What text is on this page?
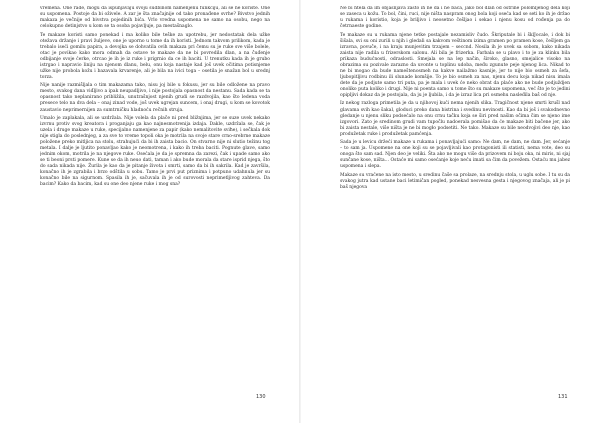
vremena. One rade, mogu da ispunjavaju svoju sudbinom namenjenu funkciju, ali se ne koriste. One su uspomena. Postoje da bi oživele. A zar je šta značajnije od tako pronađene svrhe? Bivstvo jednih makaza je večnije od bivstva pojedinih bića. Vrlo vredna uspomena ne samo na osobu, nego na celokupno detinjstvo u kom se ta osoba pojavljuje, pa mestašnaglo.

Te makaze koristi samo ponekad i ma koliko bile teške za upotrebu, jer nedostatak dela užke otežava držanje i pravi žuljeve, one je uporno u tome da ih koristi. Jednom takvom prilikom, kada je trebalo iseći gomilu papira, a devojka se dohvatila ovih makaza pri čemu su je ruke sve više bolele, otac je povikao kako mora odmah da ostave te makaze da ne bi povredila dlan, a na čuđenje odbijanje svoje ćerke, otrcao je ih je iz ruke i prigrnio da ce ih baciti. U trenutku kada ih je grubo istrgao i napravio liniju na njenom dlanu, belu, onu koja nastaje kad još uvek očitima potisnjeme užke nije probola kožu i bazavala krvarenje, ali je bila na ivici toga – osetila je snažan bol u srednj torza.

Nije nanije razmišljala o tim makazama tako, nisu joj bile u fokusu, jer su bile odložene na pravo mesto, svakog dana viđljivo a ipak neupadljivo, i nije postojala opasnost da nestanu. Sada kada se ta opasnost tako neplanirano približila, unutrašnjost njenih grudi se razdvojila, kao što ledena voda presece telo na dva dela – onaj zinad vode, još uvek ugrejan suncem, i onaj drugi, u kom se kovotok zaustavio neprimernijen za sumtrničku hladnoću rečnih struja.

Umalo je zaplakala, ali se uzdržala. Nije volela da plače ni pred bližnjima, jer se suze uvek nekako izvrnu protiv svog kreatora i proganjaju ga kao najnesmotrenija izdaja. Dakle, uzdržala se, čak je uzela i druge makaze u ruke, specijalno namenjene za papir (kako nemalitovite sviħe), i sečkala dok nije stigla do poslednjeg, a za sve to vreme topoli oka je motrila na svoje stare crno-srebrne makaze položene preko mitljica na stolu, strahujući da bi ih zaista bacio. On stvarno nije ni slutio težinu tog metala. I dalje je ljutito ponavljao kako je neomotrena, i kako ih treba baciti. Pognute glave, samo jednim okom, motrila je na njegove ruke. Osećala je da je spremna da zarezi, čak i upade samo ako se ti beoni prsti pomere. Kune se da ih neuo dati, taman i ako bude morala da stare isprid njega, što do sada nikada nije. Žurila je kao da je pitanje života i smrti, samo da bi ih sakrila. Kad je završila, konačno ih je zgrabila i brzo odštila u sobu. Tamo je prvi put priznima i potpuno udahnula jer su konačno bile na sigurnom. Spasila ih je, sačuvala ih je od surovosti neprimetljivog zahteva. Da bacim? Kako da bacim, kad su one deo njene ruke i mog sna?

130

Ne bi htela da im objašnjava zašto ih ne da i ne baca, jako bol dlan od oštrine polomljenog dela koji se zaseca u kožu. To bol, čini, ruci, nije ništa naspram onog bola koji oseća kad se seti ko ih je držao u rukama i koristio, koja je briljivo i neosetno češljao i sekao i njenu kosu od rođenja pa do četrnaeste godine.

Te makaze su u rukama njene tetke postajale nezamisliv čudo. Škriputale bi i šklJocale, i dok bi šišala, svi su oni zurili u njih i gledali sa kakvom veštinom izima gramen po pramen kose, češljem ga izravna, povuče, i na kraju munjevitim trzajem – seccnd. Nosila ih je uvek sa sobom, kako nikada zaista nije radila u frizerskom salonu. Ali bila je frizerka. Farbala se u plavo i to je za klinku bila prikaza budućnosti, odraslosti. Smejala se na lep način, široko, glasno, smejalice visoko na obrazima su pozivale zarazno da uvonte u toplinu udoba, među zgunute peje njenog lica. Nikad to ne bi mogao da bude nameštenosmeh na kakve nailažmo kasnije, jer to nije bio osmeh za šefa, ljubopitljivu rodbinu ili slunade komšije. To je bio osmeh za nas, njenu decu koja nikad nisu imala dete da je podjute samo tri puta, pa je mala i uvek će neko obrat da plaće ako ne bude podjuždjen onoliko puta koliko i drugi. Nije ni poenta samo u tome što su makaze uspomena, već što je to jedini opipljivi dokaz da je postojala, da ju je ljubila, i da je izraz lica pri osmehu nasleđila baš od nje.

Iz nekog razloga primetila je da u njihovoj kući nema njenih slika. Tragičnost njene smrti krušl nad glavama svih kao šakal, gloduci preko dana bistrina i svedinu nevinosti. Kao da bi još i svakodnevno gledanje u njenu sliku podsećalo na onu crnu tačku koja se širi pred našim očima čim se njeno ime izgovori. Zato je sredinom grudi vam tupočlu nadoerala pomišao da će makaze biti bačene jer, ako bi zaista nestale, više ništa je ne bi mogło podsetiti. Ne tako. Makaze su bile neodvojivi deo nje, kao produžetak ruke i produžetak pamćenja.

Sada je u levicu držeći makaze u rukama i ponavljajući samo: Ne dam, ne dam, ne dam. Jer, sećanje – to sam ja. Uspomene na one koji su se pojavljivali kao protagonisti ili statisti, nema vote, deo su onoga što sam sad. Njen deo je veliki. Šta ako ne mogu više da prizovem ni boju oka, ni miris, ni sjaj sunčane kose, ništa... Ostaće mi samo osećanje koje neću imati sa čim da povežem. Ostaću mu jabez uspomena i slepa.

Makaze su vraćene na isto mesto, u sredinu čaše sa prolaze, na srednju stola, u uglu sobe. I tu su da svakog jutra kad ustane baci letimičan pogled, ponekad nesvesna gesta i njegovog značaja, ali je pi baš njegova

131
